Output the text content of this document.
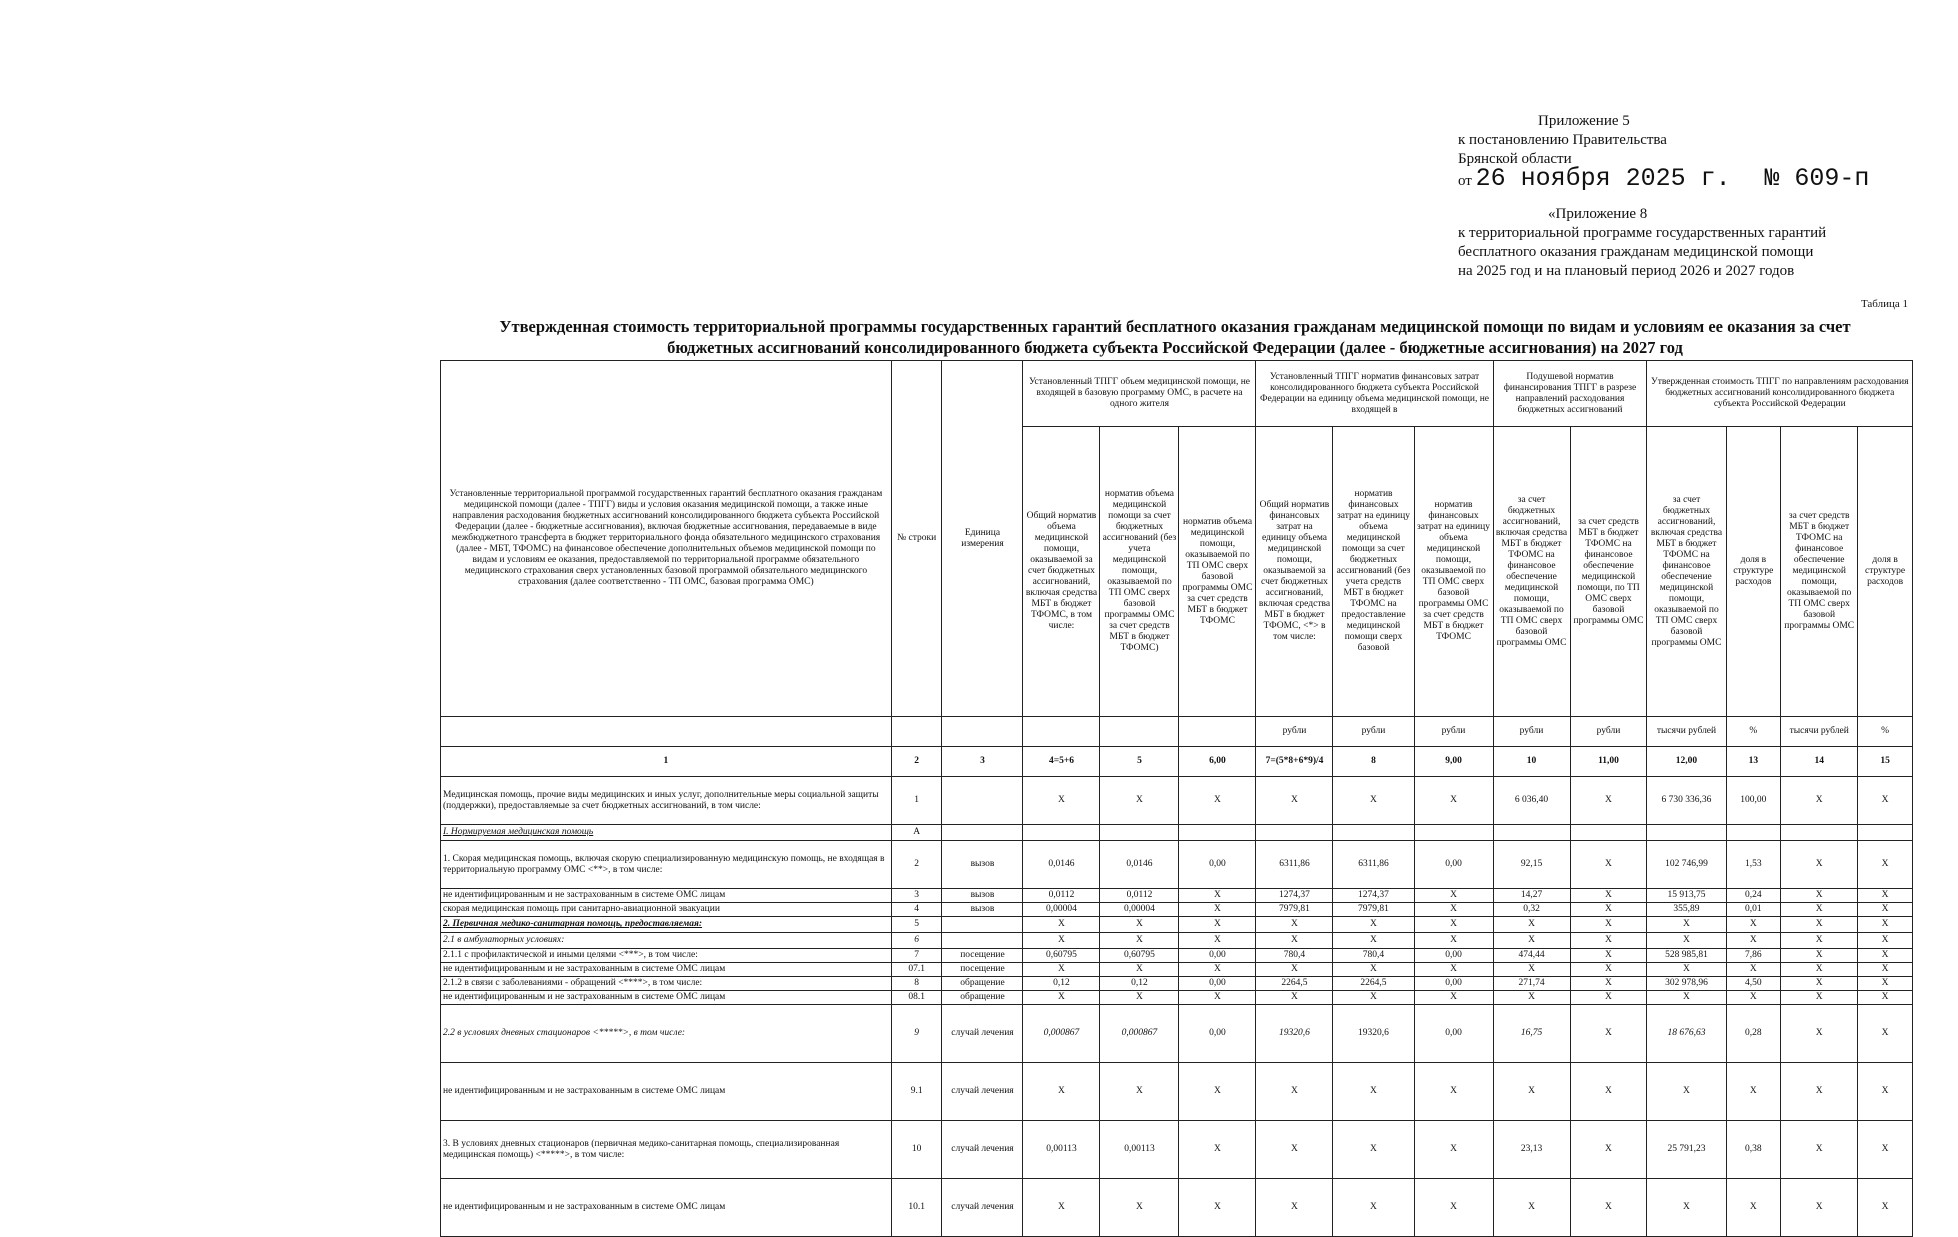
Приложение 5
к постановлению Правительства
Брянской области
от 26 ноября 2025 г. № 609-п
«Приложение 8
к территориальной программе государственных гарантий
бесплатного оказания гражданам медицинской помощи
на 2025 год и на плановый период 2026 и 2027 годов
Таблица 1
Утвержденная стоимость территориальной программы государственных гарантий бесплатного оказания гражданам медицинской помощи по видам и условиям ее оказания за счет
бюджетных ассигнований консолидированного бюджета субъекта Российской Федерации (далее - бюджетные ассигнования) на 2027 год
Установленные территориальной программой государственных гарантий бесплатного оказания гражданам медицинской помощи (далее - ТПГГ) виды и условия оказания медицинской помощи, а также иные направления расходования бюджетных ассигнований консолидированного бюджета субъекта Российской Федерации (далее - бюджетные ассигнования), включая бюджетные ассигнования, передаваемые в виде межбюджетного трансферта в бюджет территориального фонда обязательного медицинского страхования (далее - МБТ, ТФОМС) на финансовое обеспечение дополнительных объемов медицинской помощи по видам и условиям ее оказания, предоставляемой по территориальной программе обязательного медицинского страхования сверх установленных базовой программой обязательного медицинского страхования (далее соответственно - ТП ОМС, базовая программа ОМС)	№ строки	Единица измерения	Установленный ТПГГ объем медицинской помощи, не входящей в базовую программу ОМС, в расчете на одного жителя			Установленный ТПГГ норматив финансовых затрат консолидированного бюджета субъекта Российской Федерации на единицу объема медицинской помощи, не входящей в			Подушевой норматив финансирования ТПГГ в разрезе направлений расходования бюджетных ассигнований		Утвержденная стоимость ТПГГ по направлениям расходования бюджетных ассигнований консолидированного бюджета субъекта Российской Федерации			
			Общий норматив объема медицинской помощи, оказываемой за счет бюджетных ассигнований, включая средства МБТ в бюджет ТФОМС, в том числе:	норматив объема медицинской помощи за счет бюджетных ассигнований (без учета медицинской помощи, оказываемой по ТП ОМС сверх базовой программы ОМС за счет средств МБТ в бюджет ТФОМС)	норматив объема медицинской помощи, оказываемой по ТП ОМС сверх базовой программы ОМС за счет средств МБТ в бюджет ТФОМС	Общий норматив финансовых затрат на единицу объема медицинской помощи, оказываемой за счет бюджетных ассигнований, включая средства МБТ в бюджет ТФОМС, <*> в том числе:	норматив финансовых затрат на единицу объема медицинской помощи за счет бюджетных ассигнований (без учета средств МБТ в бюджет ТФОМС на предоставление медицинской помощи сверх базовой	норматив финансовых затрат на единицу объема медицинской помощи, оказываемой по ТП ОМС сверх базовой программы ОМС за счет средств МБТ в бюджет ТФОМС	за счет бюджетных ассигнований, включая средства МБТ в бюджет ТФОМС на финансовое обеспечение медицинской помощи, оказываемой по ТП ОМС сверх базовой программы ОМС	за счет средств МБТ в бюджет ТФОМС на финансовое обеспечение медицинской помощи, по ТП ОМС сверх базовой программы ОМС	за счет бюджетных ассигнований, включая средства МБТ в бюджет ТФОМС на финансовое обеспечение медицинской помощи, оказываемой по ТП ОМС сверх базовой программы ОМС	доля в структуре расходов	за счет средств МБТ в бюджет ТФОМС на финансовое обеспечение медицинской помощи, оказываемой по ТП ОМС сверх базовой программы ОМС	доля в структуре расходов
						рубли	рубли	рубли	рубли	рубли	тысячи рублей	%	тысячи рублей	%
1	2	3	4=5+6	5	6,00	7=(5*8+6*9)/4	8	9,00	10	11,00	12,00	13	14	15
Медицинская помощь, прочие виды медицинских и иных услуг, дополнительные меры социальной защиты (поддержки), предоставляемые за счет бюджетных ассигнований, в том числе:	1		X	X	X	X	X	X	6 036,40	X	6 730 336,36	100,00	X	X
I. Нормируемая медицинская помощь	А													
1. Скорая медицинская помощь, включая скорую специализированную медицинскую помощь, не входящая в территориальную программу ОМС <**>, в том числе:	2	вызов	0,0146	0,0146	0,00	6311,86	6311,86	0,00	92,15	X	102 746,99	1,53	X	X
не идентифицированным и не застрахованным в системе ОМС лицам	3	вызов	0,0112	0,0112	X	1274,37	1274,37	X	14,27	X	15 913,75	0,24	X	X
скорая медицинская помощь при санитарно-авиационной эвакуации	4	вызов	0,00004	0,00004	X	7979,81	7979,81	X	0,32	X	355,89	0,01	X	X
2. Первичная медико-санитарная помощь, предоставляемая:	5		X	X	X	X	X	X	X	X	X	X	X	X
2.1 в амбулаторных условиях:	6		X	X	X	X	X	X	X	X	X	X	X	X
2.1.1 с профилактической и иными целями <***>, в том числе:	7	посещение	0,60795	0,60795	0,00	780,4	780,4	0,00	474,44	X	528 985,81	7,86	X	X
не идентифицированным и не застрахованным в системе ОМС лицам	07.1	посещение	X	X	X	X	X	X	X	X	X	X	X	X
2.1.2 в связи с заболеваниями - обращений <****>, в том числе:	8	обращение	0,12	0,12	0,00	2264,5	2264,5	0,00	271,74	X	302 978,96	4,50	X	X
не идентифицированным и не застрахованным в системе ОМС лицам	08.1	обращение	X	X	X	X	X	X	X	X	X	X	X	X
2.2 в условиях дневных стационаров <*****>, в том числе:	9	случай лечения	0,000867	0,000867	0,00	19320,6	19320,6	0,00	16,75	X	18 676,63	0,28	X	X
не идентифицированным и не застрахованным в системе ОМС лицам	9.1	случай лечения	X	X	X	X	X	X	X	X	X	X	X	X
3. В условиях дневных стационаров (первичная медико-санитарная помощь, специализированная медицинская помощь) <*****>, в том числе:	10	случай лечения	0,00113	0,00113	X	X	X	X	23,13	X	25 791,23	0,38	X	X
не идентифицированным и не застрахованным в системе ОМС лицам	10.1	случай лечения	X	X	X	X	X	X	X	X	X	X	X	X
